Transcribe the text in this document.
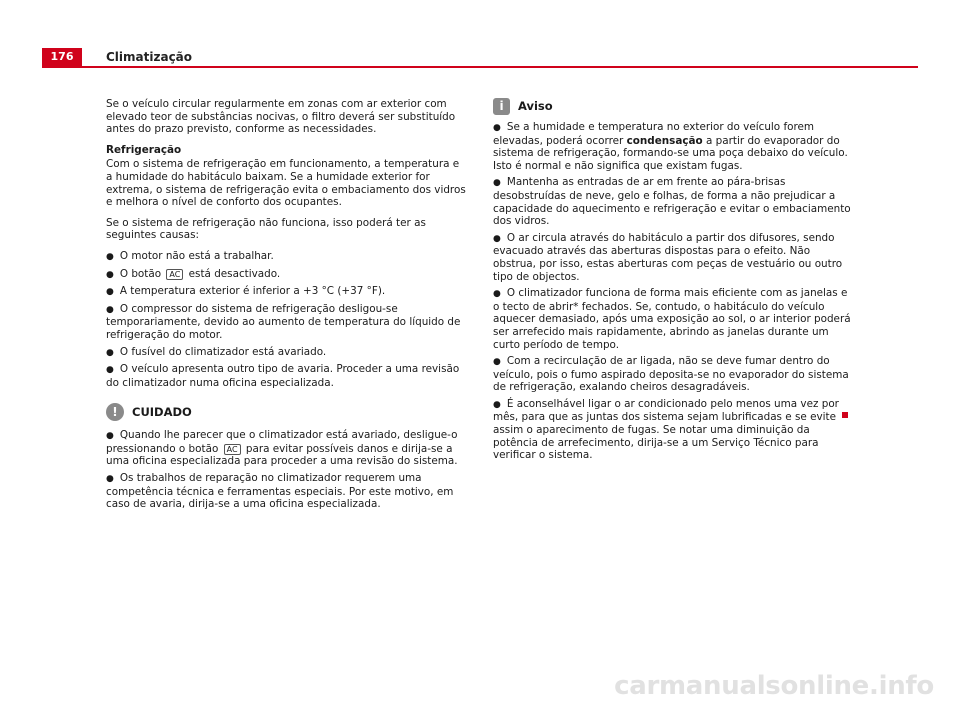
176	Climatização

Se o veículo circular regularmente em zonas com ar exterior com elevado teor de substâncias nocivas, o filtro deverá ser substituído antes do prazo previsto, conforme as necessidades.

Refrigeração

Com o sistema de refrigeração em funcionamento, a temperatura e a humidade do habitáculo baixam. Se a humidade exterior for extrema, o sistema de refrigeração evita o embaciamento dos vidros e melhora o nível de conforto dos ocupantes.

Se o sistema de refrigeração não funciona, isso poderá ter as seguintes causas:

● O motor não está a trabalhar.

● O botão AC está desactivado.

● A temperatura exterior é inferior a +3 °C (+37 °F).

● O compressor do sistema de refrigeração desligou-se temporariamente, devido ao aumento de temperatura do líquido de refrigeração do motor.

● O fusível do climatizador está avariado.

● O veículo apresenta outro tipo de avaria. Proceder a uma revisão do climatizador numa oficina especializada.

!	CUIDADO

● Quando lhe parecer que o climatizador está avariado, desligue-o pressionando o botão AC para evitar possíveis danos e dirija-se a uma oficina especializada para proceder a uma revisão do sistema.

● Os trabalhos de reparação no climatizador requerem uma competência técnica e ferramentas especiais. Por este motivo, em caso de avaria, dirija-se a uma oficina especializada.

i	Aviso

● Se a humidade e temperatura no exterior do veículo forem elevadas, poderá ocorrer condensação a partir do evaporador do sistema de refrigeração, formando-se uma poça debaixo do veículo. Isto é normal e não significa que existam fugas.

● Mantenha as entradas de ar em frente ao pára-brisas desobstruídas de neve, gelo e folhas, de forma a não prejudicar a capacidade do aquecimento e refrigeração e evitar o embaciamento dos vidros.

● O ar circula através do habitáculo a partir dos difusores, sendo evacuado através das aberturas dispostas para o efeito. Não obstrua, por isso, estas aberturas com peças de vestuário ou outro tipo de objectos.

● O climatizador funciona de forma mais eficiente com as janelas e o tecto de abrir* fechados. Se, contudo, o habitáculo do veículo aquecer demasiado, após uma exposição ao sol, o ar interior poderá ser arrefecido mais rapidamente, abrindo as janelas durante um curto período de tempo.

● Com a recirculação de ar ligada, não se deve fumar dentro do veículo, pois o fumo aspirado deposita-se no evaporador do sistema de refrigeração, exalando cheiros desagradáveis.

● É aconselhável ligar o ar condicionado pelo menos uma vez por mês, para que as juntas dos sistema sejam lubrificadas e se evite assim o aparecimento de fugas. Se notar uma diminuição da potência de arrefecimento, dirija-se a um Serviço Técnico para verificar o sistema.

carmanualsonline.info
